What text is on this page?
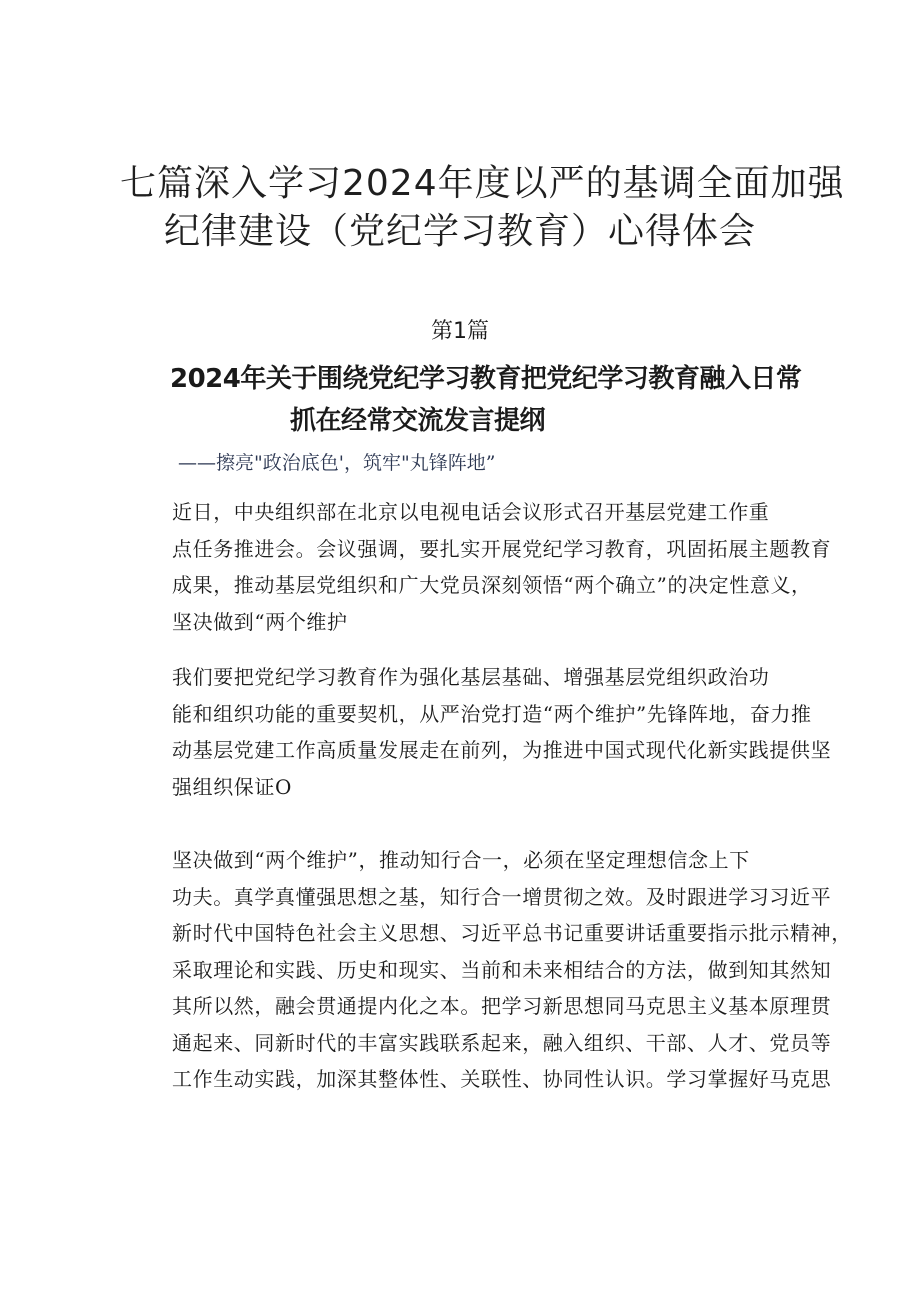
七篇深入学习2024年度以严的基调全面加强
纪律建设（党纪学习教育）心得体会
第1篇
2024年关于围绕党纪学习教育把党纪学习教育融入日常
抓在经常交流发言提纲
——擦亮"政治底色'，筑牢"丸锋阵地”

近日，中央组织部在北京以电视电话会议形式召开基层党建工作重
点任务推进会。会议强调，要扎实开展党纪学习教育，巩固拓展主题教育
成果，推动基层党组织和广大党员深刻领悟“两个确立”的决定性意义，
坚决做到“两个维护

我们要把党纪学习教育作为强化基层基础、增强基层党组织政治功
能和组织功能的重要契机，从严治党打造“两个维护”先锋阵地，奋力推
动基层党建工作高质量发展走在前列，为推进中国式现代化新实践提供坚
强组织保证O

坚决做到“两个维护”，推动知行合一，必须在坚定理想信念上下
功夫。真学真懂强思想之基，知行合一增贯彻之效。及时跟进学习习近平
新时代中国特色社会主义思想、习近平总书记重要讲话重要指示批示精神，
采取理论和实践、历史和现实、当前和未来相结合的方法，做到知其然知
其所以然，融会贯通提内化之本。把学习新思想同马克思主义基本原理贯
通起来、同新时代的丰富实践联系起来，融入组织、干部、人才、党员等
工作生动实践，加深其整体性、关联性、协同性认识。学习掌握好马克思
